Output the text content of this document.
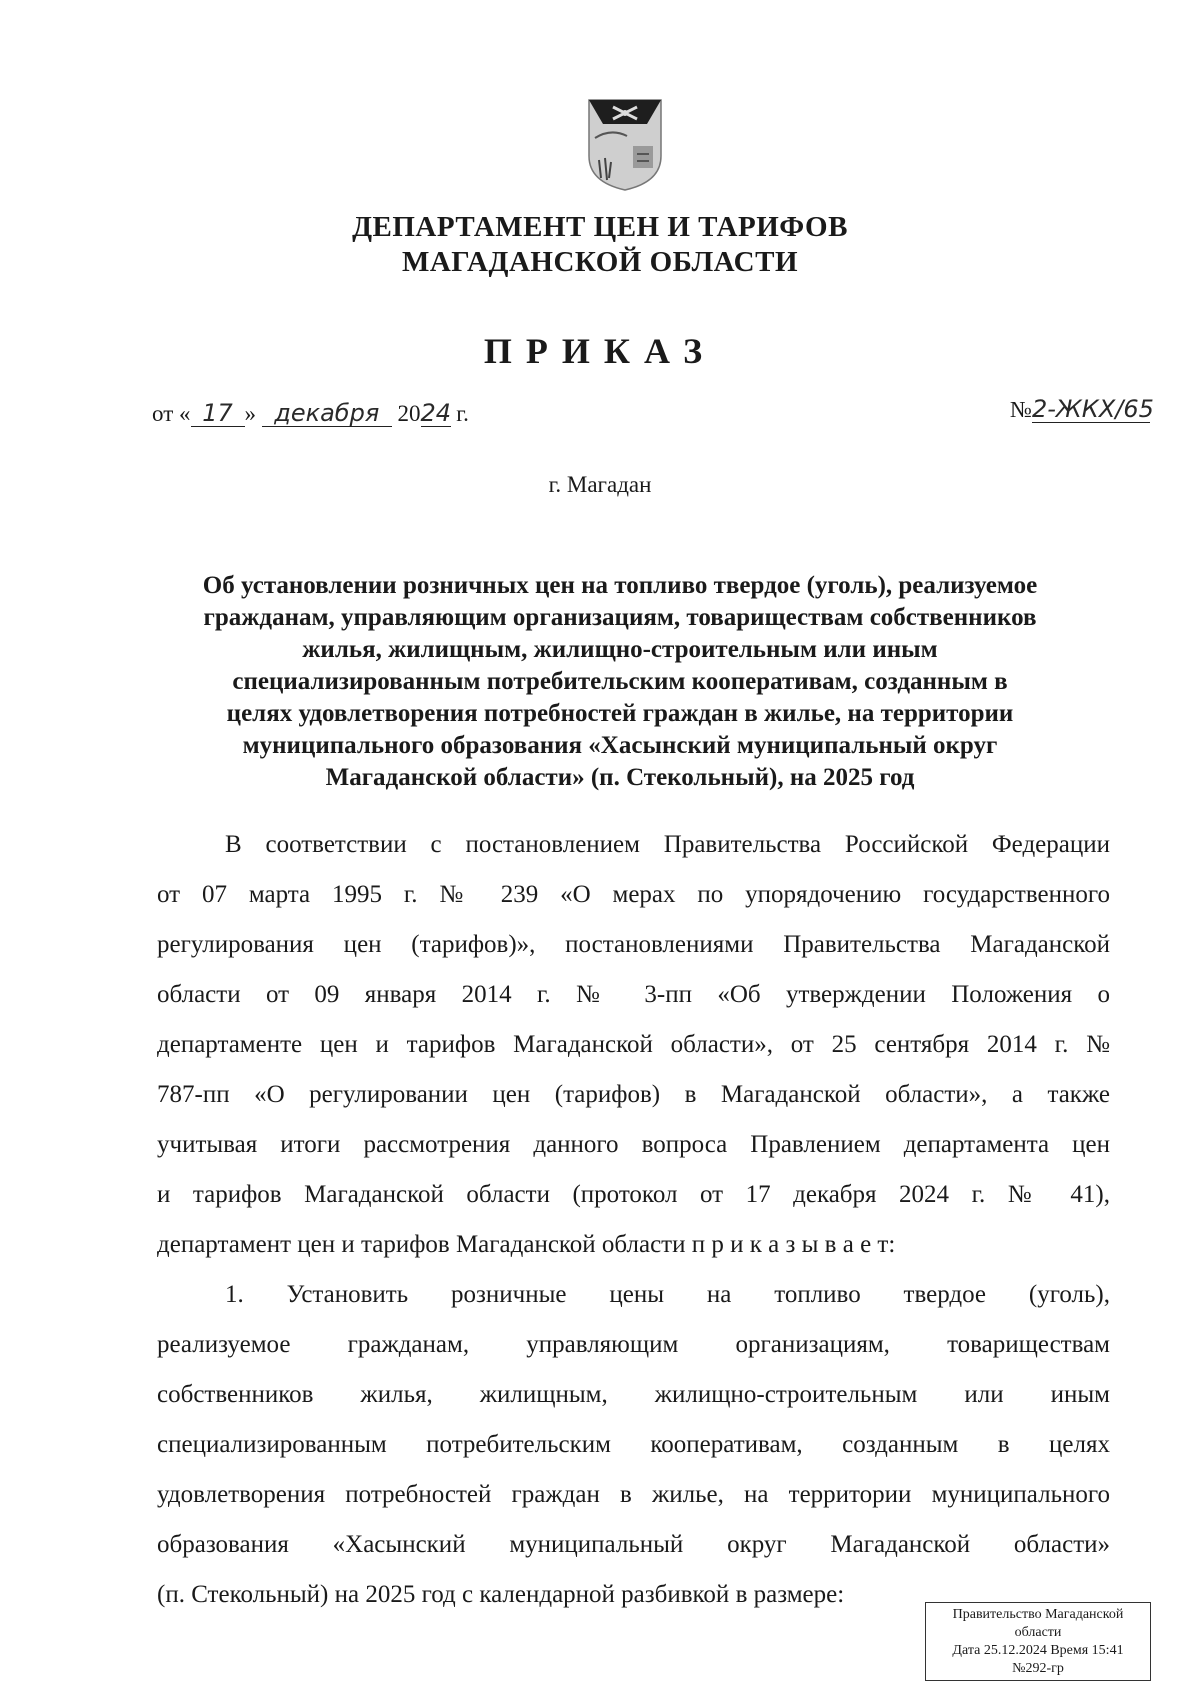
ДЕПАРТАМЕНТ ЦЕН И ТАРИФОВ
МАГАДАНСКОЙ ОБЛАСТИ
ПРИКАЗ
от « 17 » декабря 2024 г.	№2-ЖКХ/65
г. Магадан
Об установлении розничных цен на топливо твердое (уголь), реализуемое
гражданам, управляющим организациям, товариществам собственников
жилья, жилищным, жилищно-строительным или иным
специализированным потребительским кооперативам, созданным в
целях удовлетворения потребностей граждан в жилье, на территории
муниципального образования «Хасынский муниципальный округ
Магаданской области» (п. Стекольный), на 2025 год
В соответствии с постановлением Правительства Российской Федерации
от 07 марта 1995 г. № 239 «О мерах по упорядочению государственного
регулирования цен (тарифов)», постановлениями Правительства Магаданской
области от 09 января 2014 г. № 3-пп «Об утверждении Положения о
департаменте цен и тарифов Магаданской области», от 25 сентября 2014 г. №
787-пп «О регулировании цен (тарифов) в Магаданской области», а также
учитывая итоги рассмотрения данного вопроса Правлением департамента цен
и тарифов Магаданской области (протокол от 17 декабря 2024 г. № 41),
департамент цен и тарифов Магаданской области п р и к а з ы в а е т:
1. Установить розничные цены на топливо твердое (уголь),
реализуемое гражданам, управляющим организациям, товариществам
собственников жилья, жилищным, жилищно-строительным или иным
специализированным потребительским кооперативам, созданным в целях
удовлетворения потребностей граждан в жилье, на территории муниципального
образования «Хасынский муниципальный округ Магаданской области»
(п. Стекольный) на 2025 год с календарной разбивкой в размере:
Правительство Магаданской
области
Дата 25.12.2024 Время 15:41
№292-гр
